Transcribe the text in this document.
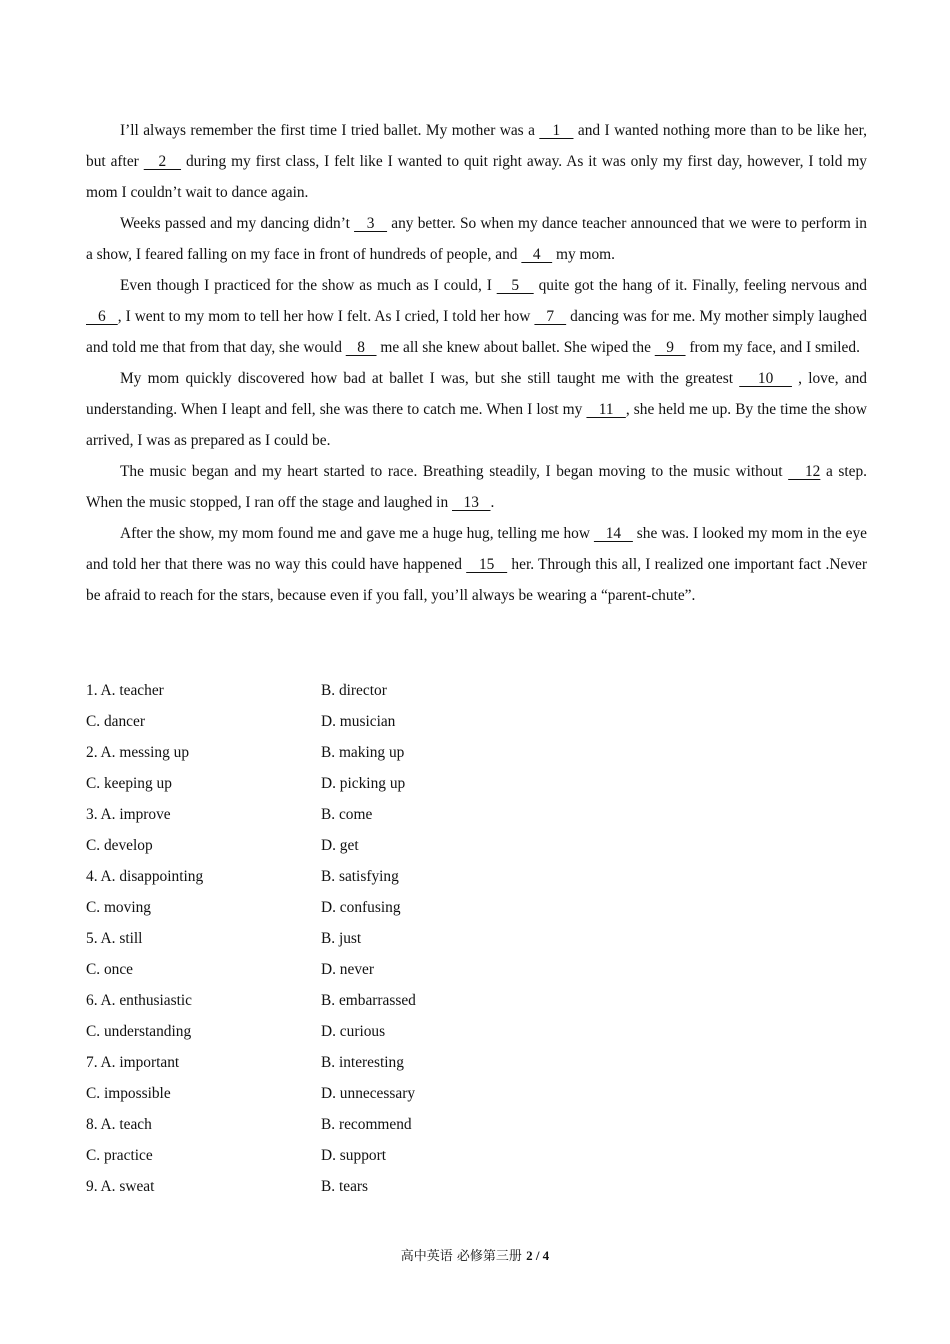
I’ll always remember the first time I tried ballet. My mother was a    1    and I wanted nothing more than to be like her, but after    2    during my first class, I felt like I wanted to quit right away. As it was only my first day, however, I told my mom I couldn’t wait to dance again.

Weeks passed and my dancing didn’t    3    any better. So when my dance teacher announced that we were to perform in a show, I feared falling on my face in front of hundreds of people, and    4    my mom.

Even though I practiced for the show as much as I could, I    5    quite got the hang of it. Finally, feeling nervous and    6   , I went to my mom to tell her how I felt. As I cried, I told her how    7    dancing was for me. My mother simply laughed and told me that from that day, she would    8    me all she knew about ballet. She wiped the    9    from my face, and I smiled.

My mom quickly discovered how bad at ballet I was, but she still taught me with the greatest    10    , love, and understanding. When I leapt and fell, she was there to catch me. When I lost my    11   , she held me up. By the time the show arrived, I was as prepared as I could be.

The music began and my heart started to race. Breathing steadily, I began moving to the music without    12 a step. When the music stopped, I ran off the stage and laughed in    13   .

After the show, my mom found me and gave me a huge hug, telling me how    14    she was. I looked my mom in the eye and told her that there was no way this could have happened    15    her. Through this all, I realized one important fact .Never be afraid to reach for the stars, because even if you fall, you’ll always be wearing a “parent-chute”.

1. A. teacher	B. director
C. dancer	D. musician
2. A. messing up	B. making up
C. keeping up	D. picking up
3. A. improve	B. come
C. develop	D. get
4. A. disappointing	B. satisfying
C. moving	D. confusing
5. A. still	B. just
C. once	D. never
6. A. enthusiastic	B. embarrassed
C. understanding	D. curious
7. A. important	B. interesting
C. impossible	D. unnecessary
8. A. teach	B. recommend
C. practice	D. support
9. A. sweat	B. tears
高中英语 必修第三册 2 / 4
